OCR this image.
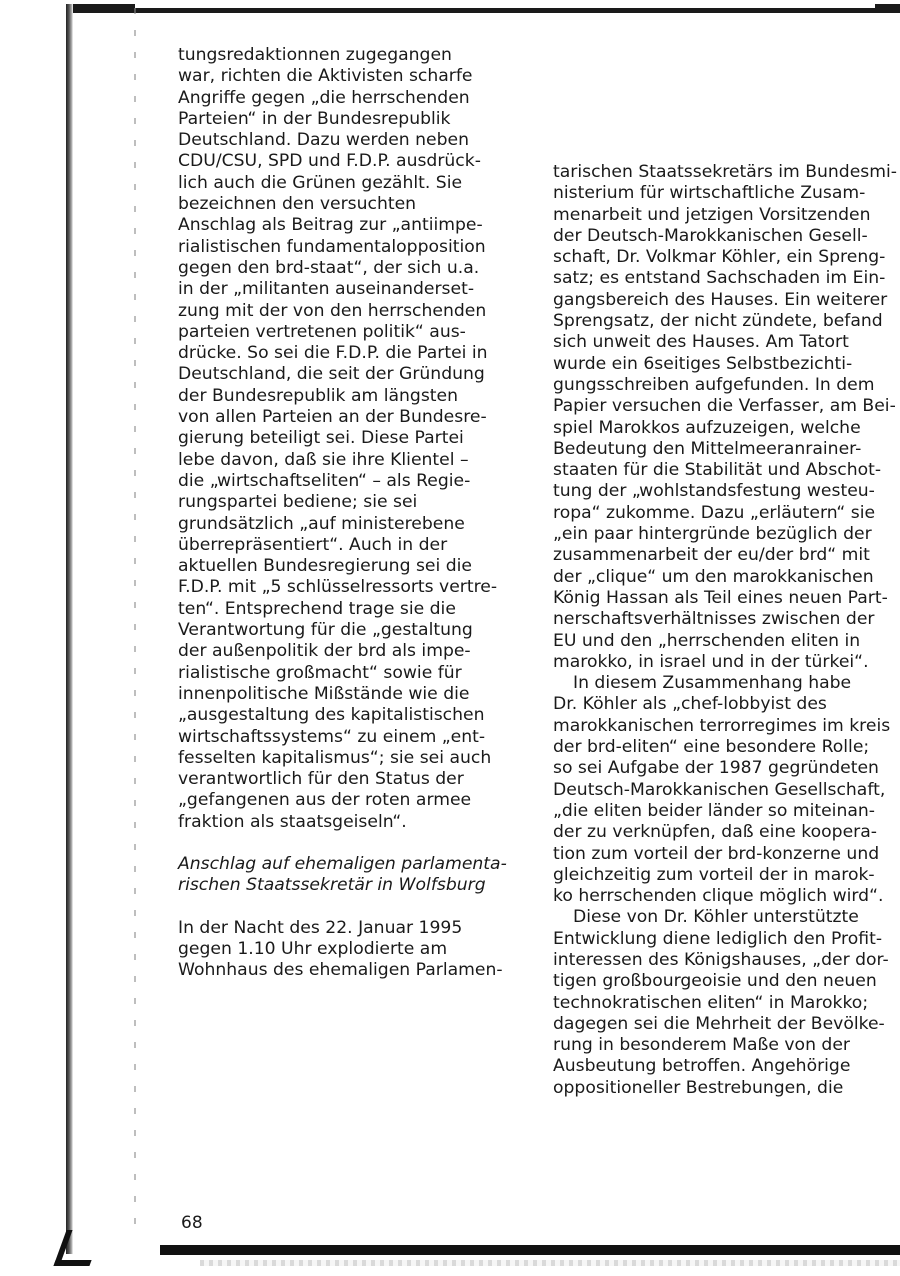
tungsredaktionnen zugegangen
war, richten die Aktivisten scharfe
Angriffe gegen „die herrschenden
Parteien“ in der Bundesrepublik
Deutschland. Dazu werden neben
CDU/CSU, SPD und F.D.P. ausdrück-
lich auch die Grünen gezählt. Sie
bezeichnen den versuchten
Anschlag als Beitrag zur „antiimpe-
rialistischen fundamentalopposition
gegen den brd-staat“, der sich u.a.
in der „militanten auseinanderset-
zung mit der von den herrschenden
parteien vertretenen politik“ aus-
drücke. So sei die F.D.P. die Partei in
Deutschland, die seit der Gründung
der Bundesrepublik am längsten
von allen Parteien an der Bundesre-
gierung beteiligt sei. Diese Partei
lebe davon, daß sie ihre Klientel –
die „wirtschaftseliten“ – als Regie-
rungspartei bediene; sie sei
grundsätzlich „auf ministerebene
überrepräsentiert“. Auch in der
aktuellen Bundesregierung sei die
F.D.P. mit „5 schlüsselressorts vertre-
ten“. Entsprechend trage sie die
Verantwortung für die „gestaltung
der außenpolitik der brd als impe-
rialistische großmacht“ sowie für
innenpolitische Mißstände wie die
„ausgestaltung des kapitalistischen
wirtschaftssystems“ zu einem „ent-
fesselten kapitalismus“; sie sei auch
verantwortlich für den Status der
„gefangenen aus der roten armee
fraktion als staatsgeiseln“.
Anschlag auf ehemaligen parlamenta-
rischen Staatssekretär in Wolfsburg
In der Nacht des 22. Januar 1995
gegen 1.10 Uhr explodierte am
Wohnhaus des ehemaligen Parlamen-
tarischen Staatssekretärs im Bundesmi-
nisterium für wirtschaftliche Zusam-
menarbeit und jetzigen Vorsitzenden
der Deutsch-Marokkanischen Gesell-
schaft, Dr. Volkmar Köhler, ein Spreng-
satz; es entstand Sachschaden im Ein-
gangsbereich des Hauses. Ein weiterer
Sprengsatz, der nicht zündete, befand
sich unweit des Hauses. Am Tatort
wurde ein 6seitiges Selbstbezichti-
gungsschreiben aufgefunden. In dem
Papier versuchen die Verfasser, am Bei-
spiel Marokkos aufzuzeigen, welche
Bedeutung den Mittelmeeranrainer-
staaten für die Stabilität und Abschot-
tung der „wohlstandsfestung westeu-
ropa“ zukomme. Dazu „erläutern“ sie
„ein paar hintergründe bezüglich der
zusammenarbeit der eu/der brd“ mit
der „clique“ um den marokkanischen
König Hassan als Teil eines neuen Part-
nerschaftsverhältnisses zwischen der
EU und den „herrschenden eliten in
marokko, in israel und in der türkei“.
In diesem Zusammenhang habe
Dr. Köhler als „chef-lobbyist des
marokkanischen terrorregimes im kreis
der brd-eliten“ eine besondere Rolle;
so sei Aufgabe der 1987 gegründeten
Deutsch-Marokkanischen Gesellschaft,
„die eliten beider länder so miteinan-
der zu verknüpfen, daß eine koopera-
tion zum vorteil der brd-konzerne und
gleichzeitig zum vorteil der in marok-
ko herrschenden clique möglich wird“.
Diese von Dr. Köhler unterstützte
Entwicklung diene lediglich den Profit-
interessen des Königshauses, „der dor-
tigen großbourgeoisie und den neuen
technokratischen eliten“ in Marokko;
dagegen sei die Mehrheit der Bevölke-
rung in besonderem Maße von der
Ausbeutung betroffen. Angehörige
oppositioneller Bestrebungen, die
68
